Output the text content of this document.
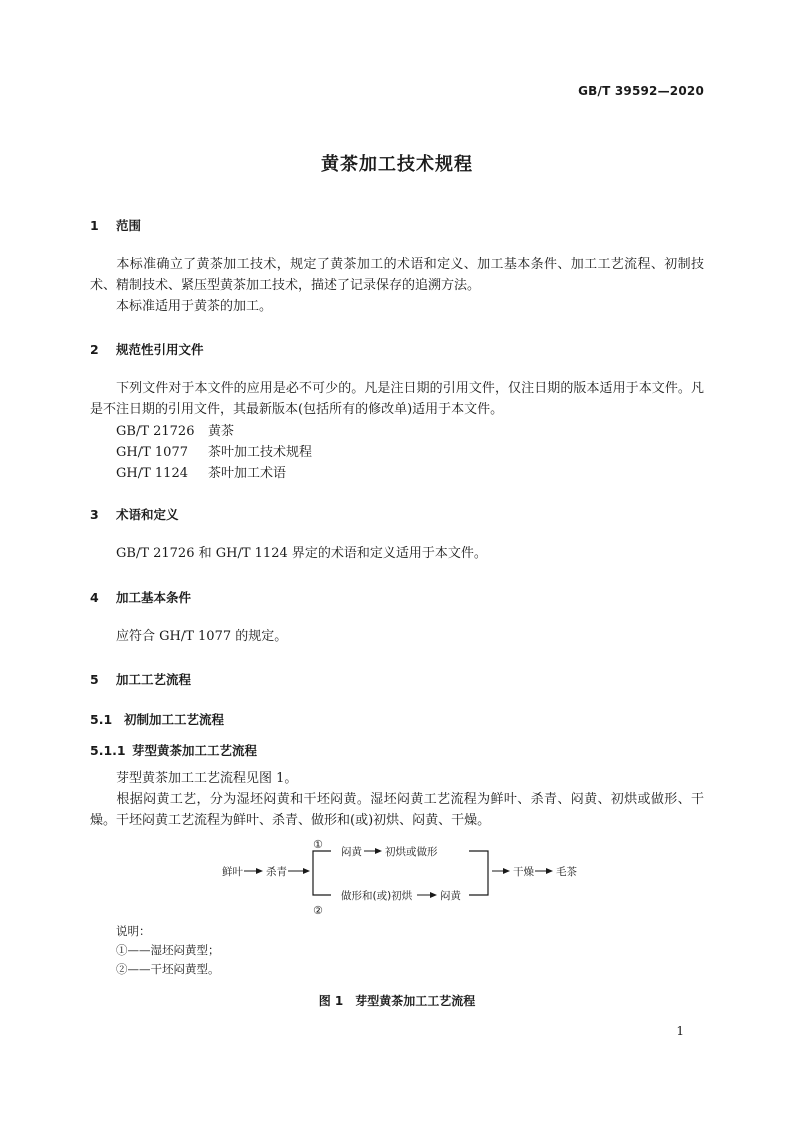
GB/T 39592—2020
黄茶加工技术规程
1 范围
本标准确立了黄茶加工技术，规定了黄茶加工的术语和定义、加工基本条件、加工工艺流程、初制技术、精制技术、紧压型黄茶加工技术，描述了记录保存的追溯方法。
本标准适用于黄茶的加工。
2 规范性引用文件
下列文件对于本文件的应用是必不可少的。凡是注日期的引用文件，仅注日期的版本适用于本文件。凡是不注日期的引用文件，其最新版本(包括所有的修改单)适用于本文件。
GB/T 21726 黄茶
GH/T 1077 茶叶加工技术规程
GH/T 1124 茶叶加工术语
3 术语和定义
GB/T 21726 和 GH/T 1124 界定的术语和定义适用于本文件。
4 加工基本条件
应符合 GH/T 1077 的规定。
5 加工工艺流程
5.1 初制加工工艺流程
5.1.1 芽型黄茶加工工艺流程
芽型黄茶加工工艺流程见图 1。
根据闷黄工艺，分为湿坯闷黄和干坯闷黄。湿坯闷黄工艺流程为鲜叶、杀青、闷黄、初烘或做形、干燥。干坯闷黄工艺流程为鲜叶、杀青、做形和(或)初烘、闷黄、干燥。
鲜叶 杀青
①
②
闷黄 初烘或做形
做形和(或)初烘	闷黄
干燥 毛茶
说明：
①——湿坯闷黄型；
②——干坯闷黄型。
图 1　芽型黄茶加工工艺流程
1
